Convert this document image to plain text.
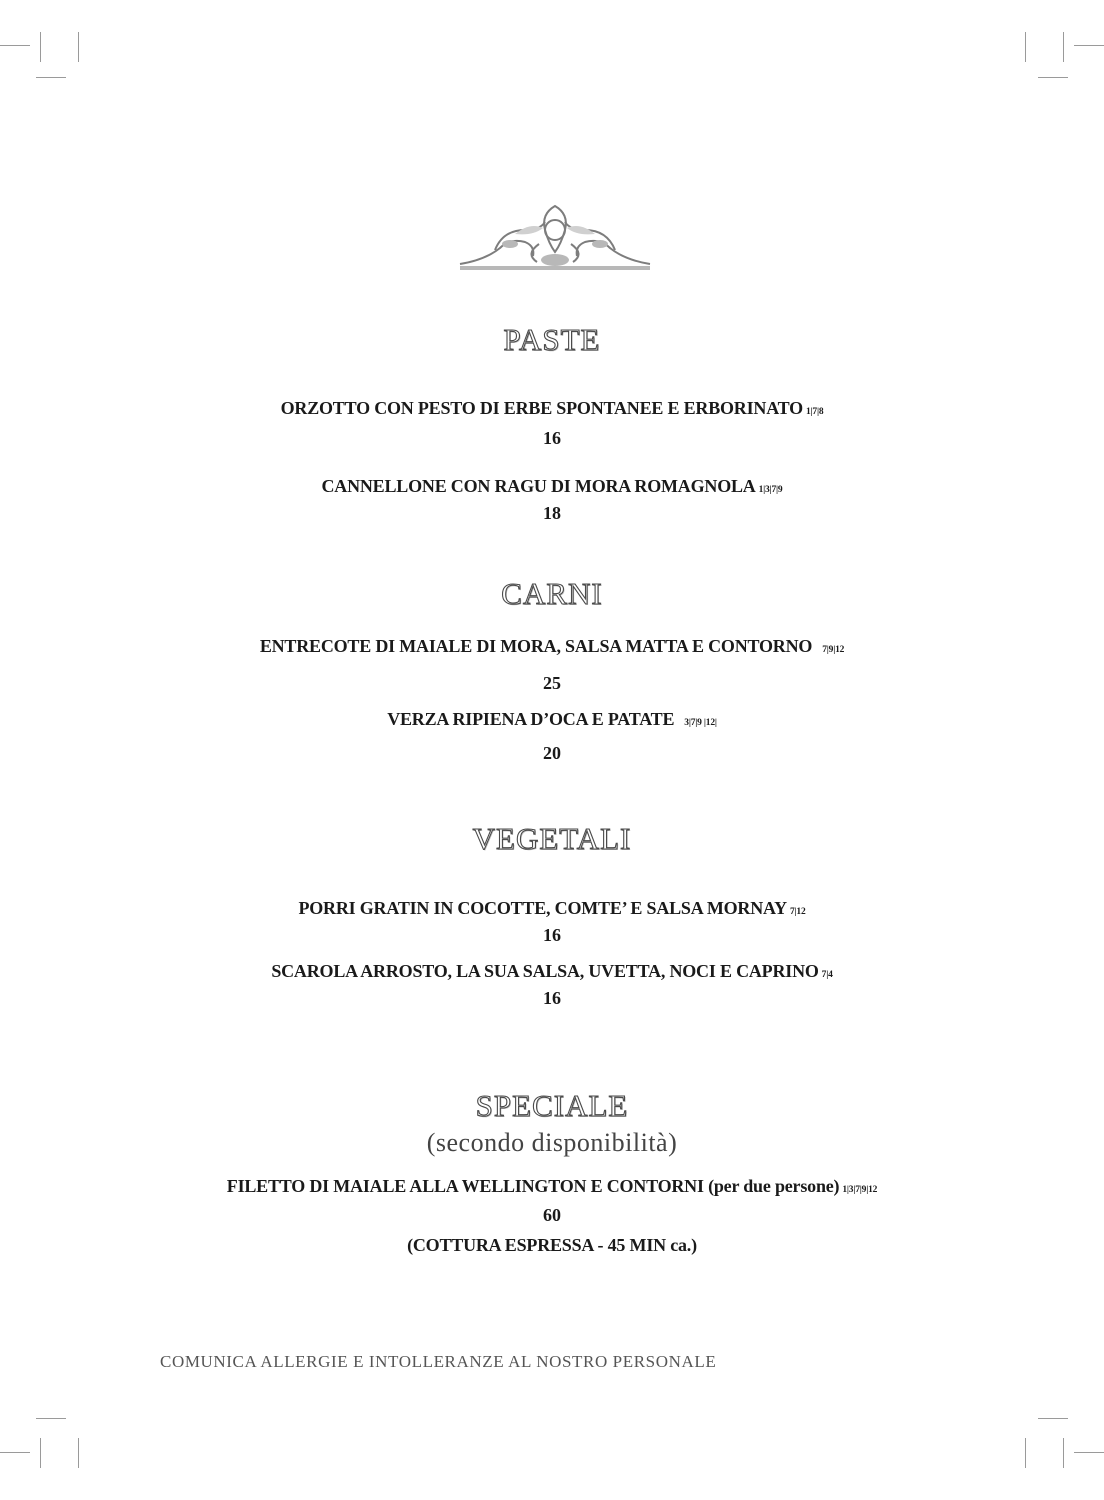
PASTE
ORZOTTO CON PESTO DI ERBE SPONTANEE E ERBORINATO 1|7|8
16
CANNELLONE CON RAGU DI MORA ROMAGNOLA 1|3|7|9
18
CARNI
ENTRECOTE DI MAIALE DI MORA, SALSA MATTA E CONTORNO 7|9|12
25
VERZA RIPIENA D’OCA E PATATE 3|7|9 |12|
20
VEGETALI
PORRI GRATIN IN COCOTTE, COMTE’ E SALSA MORNAY 7|12
16
SCAROLA ARROSTO, LA SUA SALSA, UVETTA, NOCI E CAPRINO 7|4
16
SPECIALE
(secondo disponibilità)
FILETTO DI MAIALE ALLA WELLINGTON E CONTORNI (per due persone) 1|3|7|9|12
60
(COTTURA ESPRESSA - 45 MIN ca.)
COMUNICA ALLERGIE E INTOLLERANZE AL NOSTRO PERSONALE
